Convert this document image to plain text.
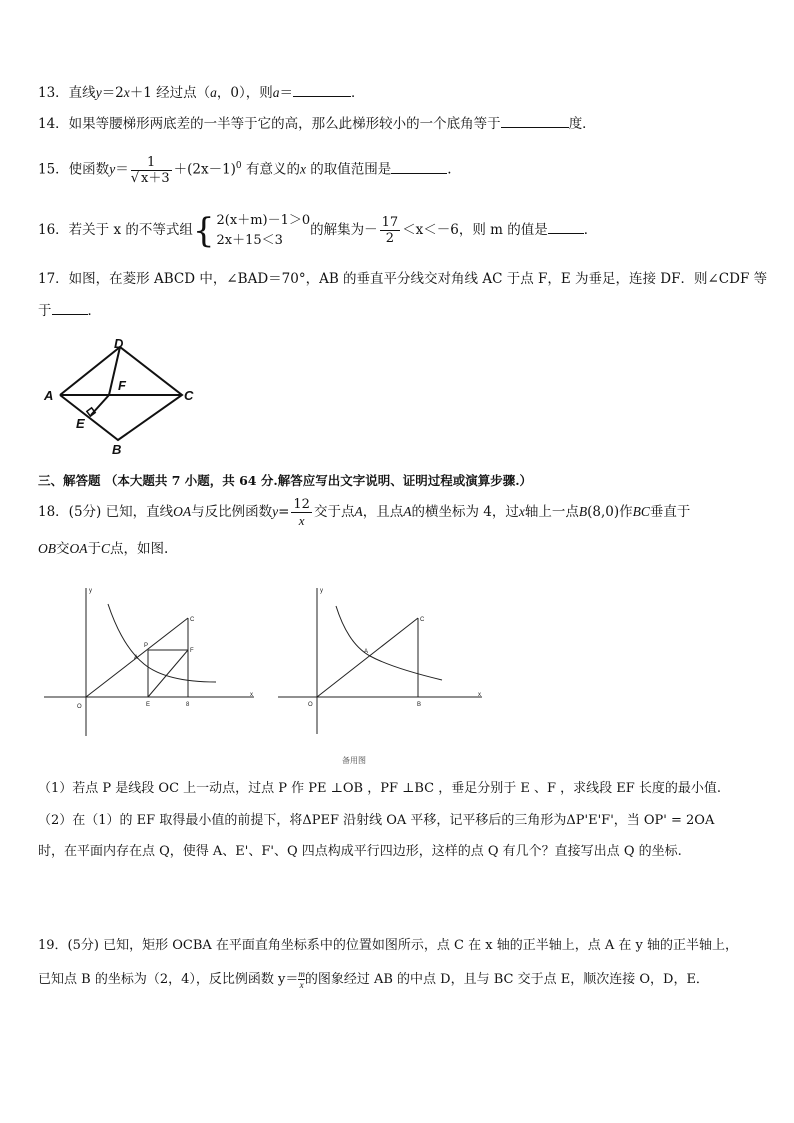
13．直线y＝2x＋1 经过点（a，0），则a＝	．
14．如果等腰梯形两底差的一半等于它的高，那么此梯形较小的一个底角等于	度．
15．使函数$y= \frac{1}{√ x+3} +(2x-1)^0$ 有意义的x 的取值范围是	.
16．若关于 x 的不等式组{ 2(x＋m)－1＞0
2x＋15＜3
的解集为－ $\frac{17}{2} <x<-6$，则 m 的值是	．
17．如图，在菱形 ABCD 中，∠BAD＝70°，AB 的垂直平分线交对角线 AC 于点 F，E 为垂足，连接 DF．则∠CDF 等
于	．
A
D
C
B
F
E
三、解答题 （本大题共 7 小题，共 64 分.解答应写出文字说明、证明过程或演算步骤.）
18．(5分) 已知，直线OA与反比例函数$y= \frac{12}{x}$ 交于点A，且点A的横坐标为 4，过x轴上一点B(8,0)作BC垂直于
OB交OA于C点，如图.
y
x
O
A
P
C
F
E	8
y
x
O
A
C
B
备用图
（1）若点 P 是线段 OC 上一动点，过点 P 作 PE ⊥OB ，PF ⊥BC ，垂足分别于 E 、F ，求线段 EF 长度的最小值.
（2）在（1）的 EF 取得最小值的前提下，将ΔPEF 沿射线 OA 平移，记平移后的三角形为ΔP'E'F'，当 OP' = 2OA
时，在平面内存在点 Q，使得 A、E'、F'、Q 四点构成平行四边形，这样的点 Q 有几个？直接写出点 Q 的坐标.
19．(5分) 已知，矩形 OCBA 在平面直角坐标系中的位置如图所示，点 C 在 x 轴的正半轴上，点 A 在 y 轴的正半轴上，
已知点 B 的坐标为（2，4），反比例函数 $y= \frac{m}{x}$的图象经过 AB 的中点 D，且与 BC 交于点 E，顺次连接 O，D，E．
